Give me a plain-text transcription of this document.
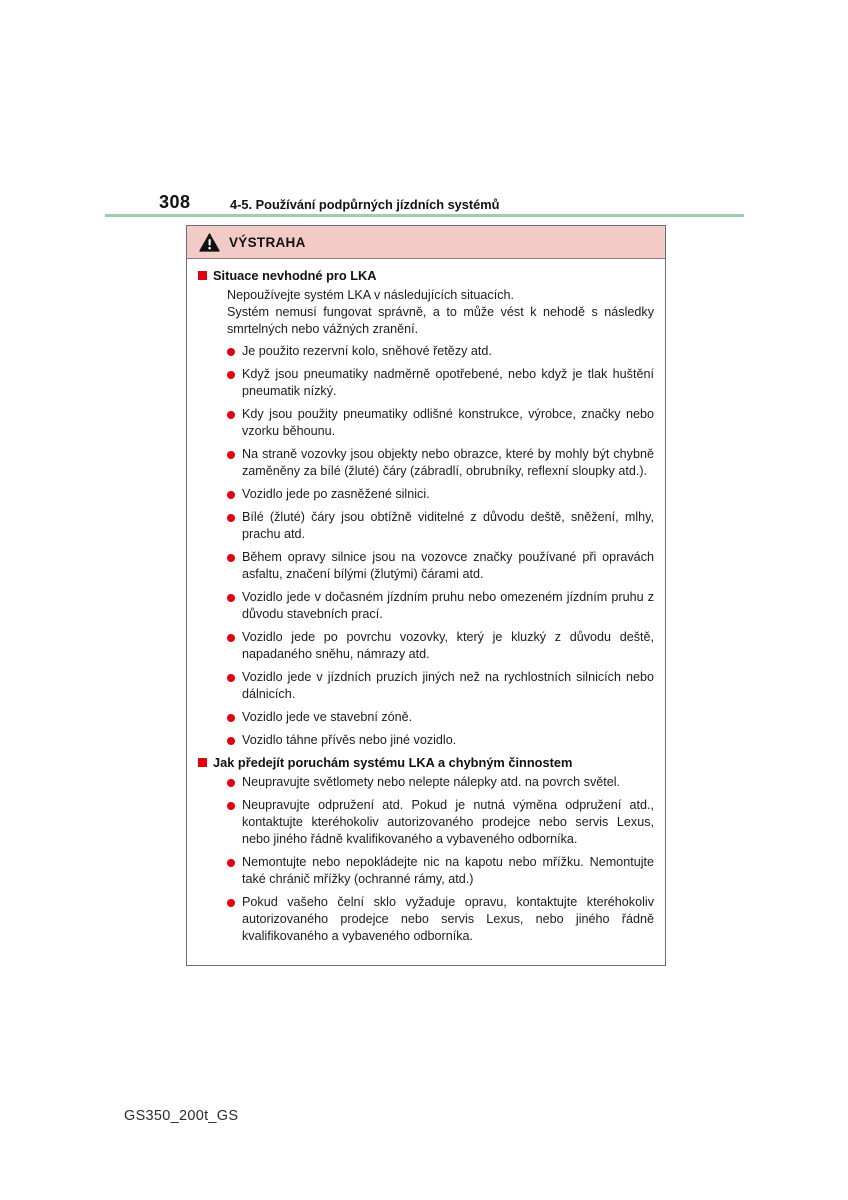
308	4-5. Používání podpůrných jízdních systémů
VÝSTRAHA
Situace nevhodné pro LKA

Nepoužívejte systém LKA v následujících situacích.

Systém nemusí fungovat správně, a to může vést k nehodě s následky smrtelných nebo vážných zranění.

Je použito rezervní kolo, sněhové řetězy atd.
Když jsou pneumatiky nadměrně opotřebené, nebo když je tlak huštění pneumatik nízký.
Kdy jsou použity pneumatiky odlišné konstrukce, výrobce, značky nebo vzorku běhounu.
Na straně vozovky jsou objekty nebo obrazce, které by mohly být chybně zaměněny za bílé (žluté) čáry (zábradlí, obrubníky, reflexní sloupky atd.).
Vozidlo jede po zasněžené silnici.
Bílé (žluté) čáry jsou obtížně viditelné z důvodu deště, sněžení, mlhy, prachu atd.
Během opravy silnice jsou na vozovce značky používané při opravách asfaltu, značení bílými (žlutými) čárami atd.
Vozidlo jede v dočasném jízdním pruhu nebo omezeném jízdním pruhu z důvodu stavebních prací.
Vozidlo jede po povrchu vozovky, který je kluzký z důvodu deště, napadaného sněhu, námrazy atd.
Vozidlo jede v jízdních pruzích jiných než na rychlostních silnicích nebo dálnicích.
Vozidlo jede ve stavební zóně.
Vozidlo táhne přívěs nebo jiné vozidlo.
Jak předejít poruchám systému LKA a chybným činnostem
Neupravujte světlomety nebo nelepte nálepky atd. na povrch světel.
Neupravujte odpružení atd. Pokud je nutná výměna odpružení atd., kontaktujte kteréhokoliv autorizovaného prodejce nebo servis Lexus, nebo jiného řádně kvalifikovaného a vybaveného odborníka.
Nemontujte nebo nepokládejte nic na kapotu nebo mřížku. Nemontujte také chránič mřížky (ochranné rámy, atd.)
Pokud vašeho čelní sklo vyžaduje opravu, kontaktujte kteréhokoliv autorizovaného prodejce nebo servis Lexus, nebo jiného řádně kvalifikovaného a vybaveného odborníka.
GS350_200t_GS
